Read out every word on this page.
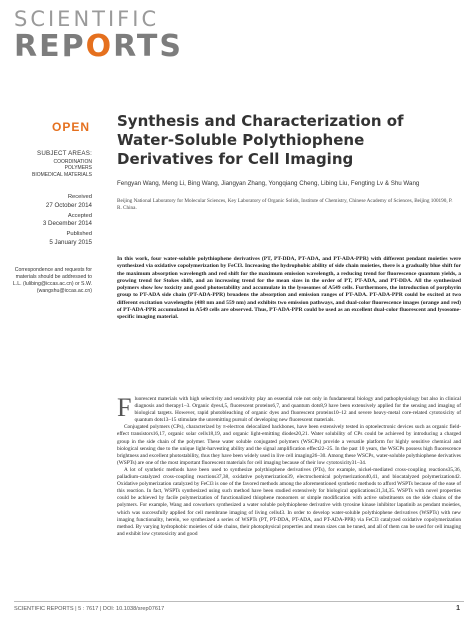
SCIENTIFIC
REPORTS
OPEN
SUBJECT AREAS:
COORDINATION
POLYMERS
BIOMEDICAL MATERIALS
Received
27 October 2014
Accepted
3 December 2014
Published
5 January 2015
Correspondence and requests for materials should be addressed to L.L. (lulibing@iccas.ac.cn) or S.W. (wangshu@iccas.ac.cn)
Synthesis and Characterization of Water-Soluble Polythiophene Derivatives for Cell Imaging
Fengyan Wang, Meng Li, Bing Wang, Jiangyan Zhang, Yongqiang Cheng, Libing Liu, Fengting Lv & Shu Wang
Beijing National Laboratory for Molecular Sciences, Key Laboratory of Organic Solids, Institute of Chemistry, Chinese Academy of Sciences, Beijing 100190, P. R. China.
In this work, four water-soluble polythiophene derivatives (PT, PT-DDA, PT-ADA, and PT-ADA-PPR) with different pendant moieties were synthesized via oxidative copolymerization by FeCl3. Increasing the hydrophobic ability of side chain moieties, there is a gradually blue shift for the maximum absorption wavelength and red shift for the maximum emission wavelength, a reducing trend for fluorescence quantum yields, a growing trend for Stokes shift, and an increasing trend for the mean sizes in the order of PT, PT-ADA, and PT-DDA. All the synthesized polymers show low toxicity and good photostability and accumulate in the lysosomes of A549 cells. Furthermore, the introduction of porphyrin group to PT-ADA side chain (PT-ADA-PPR) broadens the absorption and emission ranges of PT-ADA. PT-ADA-PPR could be excited at two different excitation wavelengths (488 nm and 559 nm) and exhibits two emission pathways, and dual-color fluorescence images (orange and red) of PT-ADA-PPR accumulated in A549 cells are observed. Thus, PT-ADA-PPR could be used as an excellent dual-color fluorescent and lysosome-specific imaging material.

Fluorescent materials with high selectivity and sensitivity play an essential role not only in fundamental biology and pathophysiology but also in clinical diagnosis and therapy1–3. Organic dyes4,5, fluorescent proteins6,7, and quantum dots8,9 have been extensively applied for the sensing and imaging of biological targets. However, rapid photobleaching of organic dyes and fluorescent proteins10–12 and severe heavy-metal core-related cytotoxicity of quantum dots13–15 stimulate the unremitting pursuit of developing new fluorescent materials.

Conjugated polymers (CPs), characterized by π-electron delocalized backbones, have been extensively tested in optoelectronic devices such as organic field-effect transistors16,17, organic solar cells18,19, and organic light-emitting diodes20,21. Water solubility of CPs could be achieved by introducing a charged group in the side chain of the polymer. These water soluble conjugated polymers (WSCPs) provide a versatile platform for highly sensitive chemical and biological sensing due to the unique light-harvesting ability and the signal amplification effect22–25. In the past 10 years, the WSCPs possess high fluorescence brightness and excellent photostability, thus they have been widely used in live cell imaging26–30. Among these WSCPs, water-soluble polythiophene derivatives (WSPTs) are one of the most important fluorescent materials for cell imaging because of their low cytotoxicity31–34.

A lot of synthetic methods have been used to synthesize polythiophene derivatives (PTs), for example, nickel-mediated cross-coupling reactions35,36, palladium-catalyzed cross-coupling reactions37,38, oxidative polymerization39, electrochemical polymerization40,41, and biocatalyzed polymerization42. Oxidative polymerization catalyzed by FeCl3 is one of the favored methods among the aforementioned synthetic methods to afford WSPTs because of the ease of this reaction. In fact, WSPTs synthesized using such method have been studied extensively for biological applications31,34,35. WSPTs with novel properties could be achieved by facile polymerization of functionalized thiophene monomers or simple modification with active substituents on the side chains of the polymers. For example, Wang and coworkers synthesized a water soluble polythiophene derivative with tyrosine kinase inhibitor lapatinib as pendant moieties, which was successfully applied for cell membrane imaging of living cells43. In order to develop water-soluble polythiophene derivatives (WSPTs) with new imaging functionality, herein, we synthesized a series of WSPTs (PT, PT-DDA, PT-ADA, and PT-ADA-PPR) via FeCl3 catalyzed oxidative copolymerization method. By varying hydrophobic moieties of side chains, their photophysical properties and mean sizes can be tuned, and all of them can be used for cell imaging and exhibit low cytotoxicity and good

SCIENTIFIC REPORTS | 5 : 7617 | DOI: 10.1038/srep07617	1
